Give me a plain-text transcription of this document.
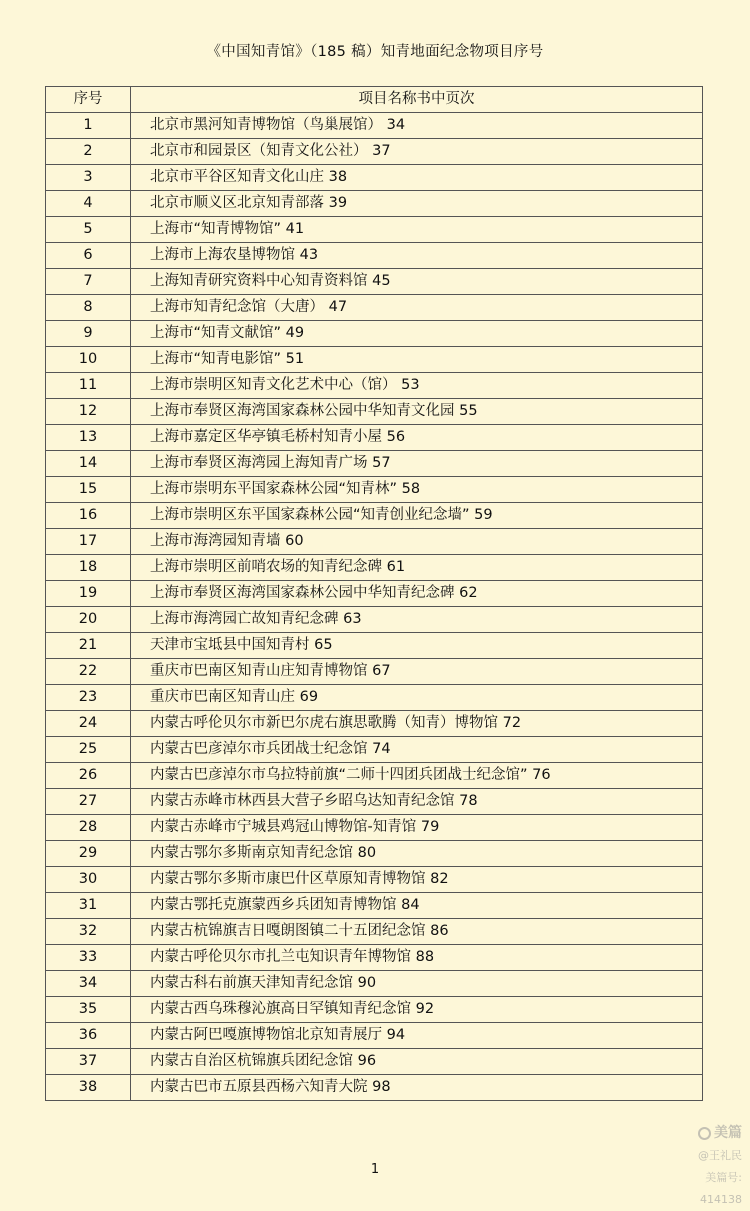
《中国知青馆》（185 稿）知青地面纪念物项目序号
序号	项目名称书中页次
1	北京市黑河知青博物馆（鸟巢展馆） 34
2	北京市和园景区（知青文化公社） 37
3	北京市平谷区知青文化山庄 38
4	北京市顺义区北京知青部落 39
5	上海市“知青博物馆” 41
6	上海市上海农垦博物馆 43
7	上海知青研究资料中心知青资料馆 45
8	上海市知青纪念馆（大唐） 47
9	上海市“知青文献馆” 49
10	上海市“知青电影馆” 51
11	上海市崇明区知青文化艺术中心（馆） 53
12	上海市奉贤区海湾国家森林公园中华知青文化园 55
13	上海市嘉定区华亭镇毛桥村知青小屋 56
14	上海市奉贤区海湾园上海知青广场 57
15	上海市崇明东平国家森林公园“知青林” 58
16	上海市崇明区东平国家森林公园“知青创业纪念墙” 59
17	上海市海湾园知青墙 60
18	上海市崇明区前哨农场的知青纪念碑 61
19	上海市奉贤区海湾国家森林公园中华知青纪念碑 62
20	上海市海湾园亡故知青纪念碑 63
21	天津市宝坻县中国知青村 65
22	重庆市巴南区知青山庄知青博物馆 67
23	重庆市巴南区知青山庄 69
24	内蒙古呼伦贝尔市新巴尔虎右旗思歌腾（知青）博物馆 72
25	内蒙古巴彦淖尔市兵团战士纪念馆 74
26	内蒙古巴彦淖尔市乌拉特前旗“二师十四团兵团战士纪念馆” 76
27	内蒙古赤峰市林西县大营子乡昭乌达知青纪念馆 78
28	内蒙古赤峰市宁城县鸡冠山博物馆-知青馆 79
29	内蒙古鄂尔多斯南京知青纪念馆 80
30	内蒙古鄂尔多斯市康巴什区草原知青博物馆 82
31	内蒙古鄂托克旗蒙西乡兵团知青博物馆 84
32	内蒙古杭锦旗吉日嘎朗图镇二十五团纪念馆 86
33	内蒙古呼伦贝尔市扎兰屯知识青年博物馆 88
34	内蒙古科右前旗天津知青纪念馆 90
35	内蒙古西乌珠穆沁旗高日罕镇知青纪念馆 92
36	内蒙古阿巴嘎旗博物馆北京知青展厅 94
37	内蒙古自治区杭锦旗兵团纪念馆 96
38	内蒙古巴市五原县西杨六知青大院 98
1
美篇
@王礼民
美篇号: 414138
